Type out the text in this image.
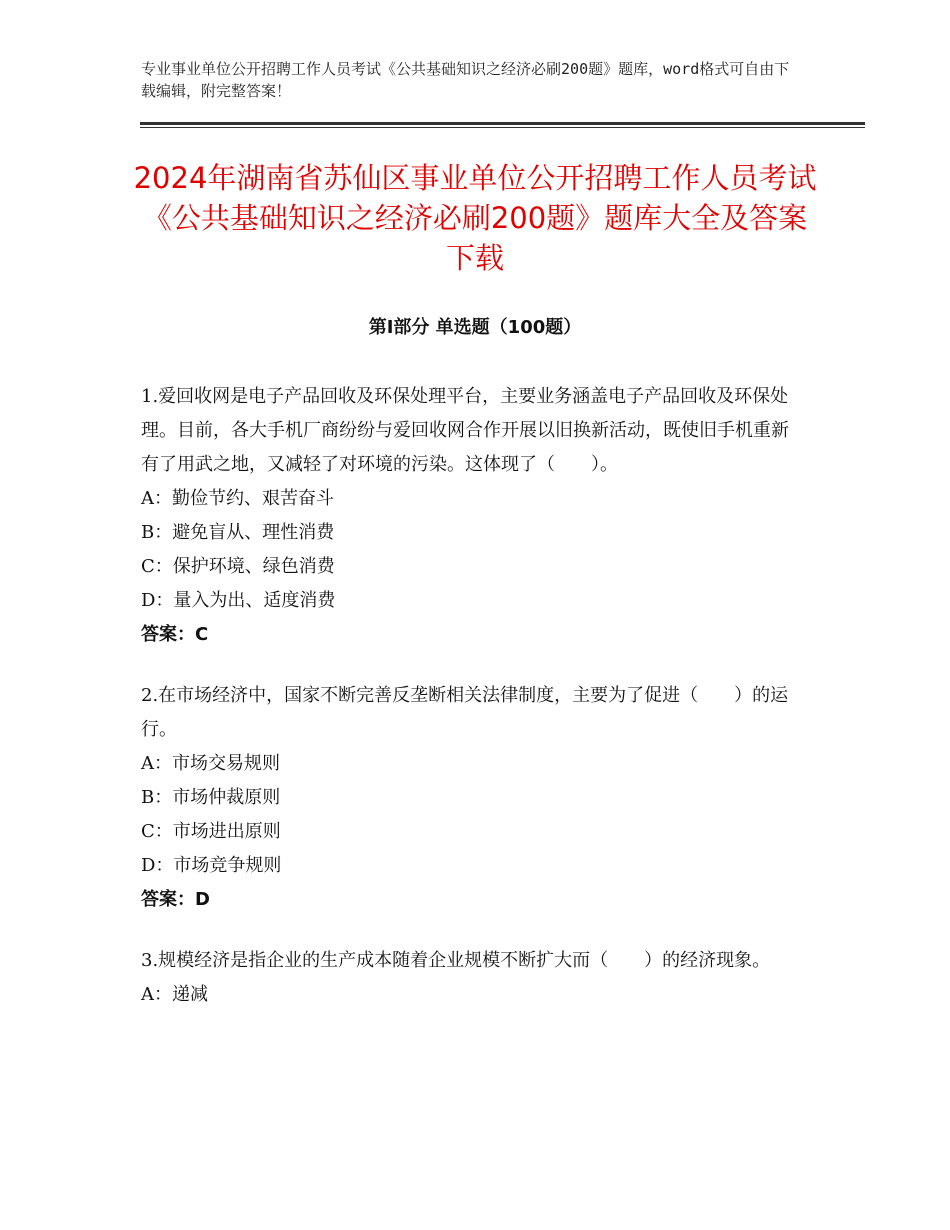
专业事业单位公开招聘工作人员考试《公共基础知识之经济必刷200题》题库，word格式可自由下载编辑，附完整答案！
2024年湖南省苏仙区事业单位公开招聘工作人员考试《公共基础知识之经济必刷200题》题库大全及答案下载
第Ⅰ部分 单选题（100题）

1.爱回收网是电子产品回收及环保处理平台，主要业务涵盖电子产品回收及环保处理。目前，各大手机厂商纷纷与爱回收网合作开展以旧换新活动，既使旧手机重新有了用武之地，又减轻了对环境的污染。这体现了（　　）。

A：勤俭节约、艰苦奋斗

B：避免盲从、理性消费

C：保护环境、绿色消费

D：量入为出、适度消费

答案：C

2.在市场经济中，国家不断完善反垄断相关法律制度，主要为了促进（　　）的运行。

A：市场交易规则

B：市场仲裁原则

C：市场进出原则

D：市场竞争规则

答案：D

3.规模经济是指企业的生产成本随着企业规模不断扩大而（　　）的经济现象。

A：递减
